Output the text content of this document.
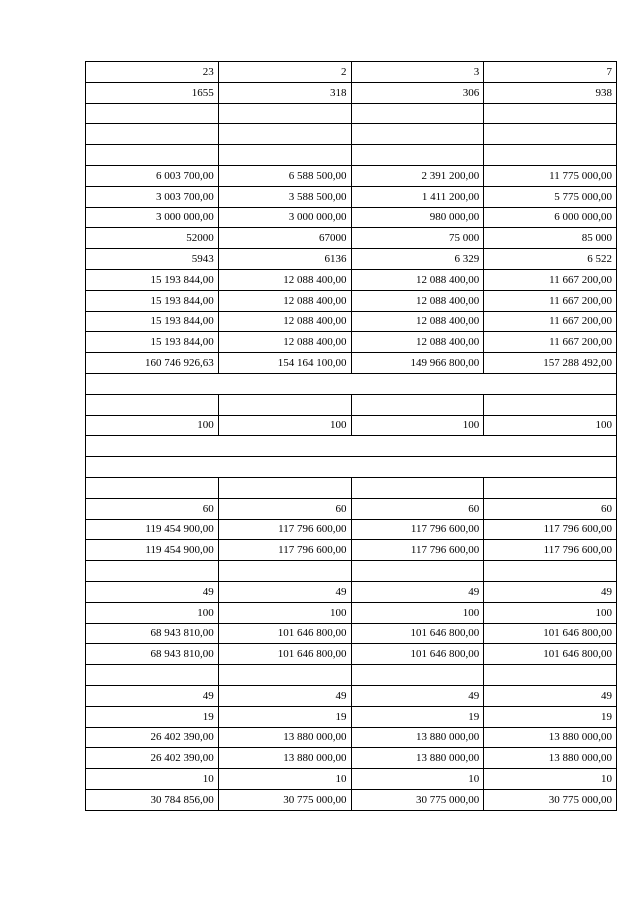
23	2	3	7
1655	318	306	938

6 003 700,00	6 588 500,00	2 391 200,00	11 775 000,00
3 003 700,00	3 588 500,00	1 411 200,00	5 775 000,00
3 000 000,00	3 000 000,00	980 000,00	6 000 000,00
52000	67000	75 000	85 000
5943	6136	6 329	6 522
15 193 844,00	12 088 400,00	12 088 400,00	11 667 200,00
15 193 844,00	12 088 400,00	12 088 400,00	11 667 200,00
15 193 844,00	12 088 400,00	12 088 400,00	11 667 200,00
15 193 844,00	12 088 400,00	12 088 400,00	11 667 200,00
160 746 926,63	154 164 100,00	149 966 800,00	157 288 492,00

100	100	100	100

60	60	60	60
119 454 900,00	117 796 600,00	117 796 600,00	117 796 600,00
119 454 900,00	117 796 600,00	117 796 600,00	117 796 600,00

49	49	49	49
100	100	100	100
68 943 810,00	101 646 800,00	101 646 800,00	101 646 800,00
68 943 810,00	101 646 800,00	101 646 800,00	101 646 800,00

49	49	49	49
19	19	19	19
26 402 390,00	13 880 000,00	13 880 000,00	13 880 000,00
26 402 390,00	13 880 000,00	13 880 000,00	13 880 000,00
10	10	10	10
30 784 856,00	30 775 000,00	30 775 000,00	30 775 000,00
